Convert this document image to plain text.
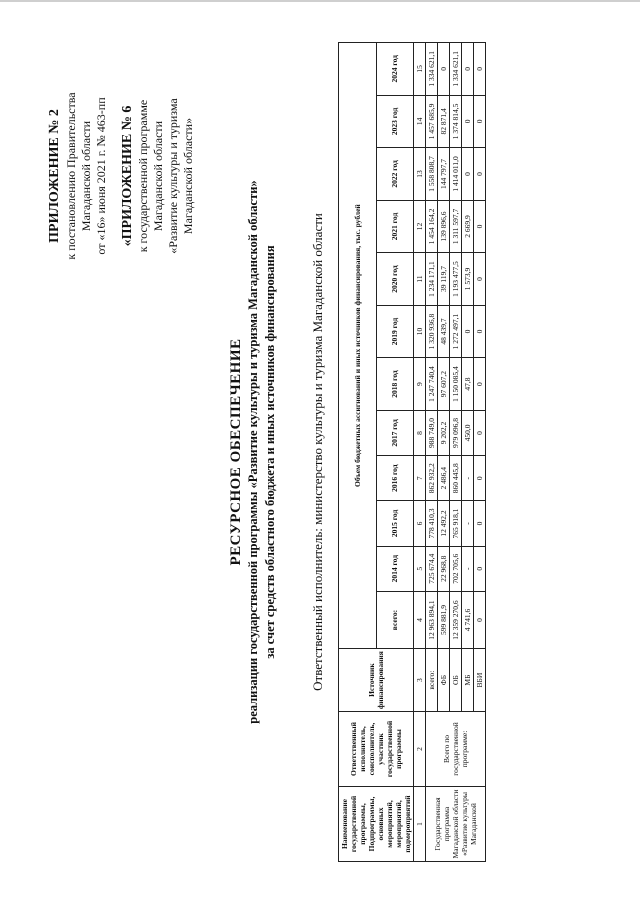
ПРИЛОЖЕНИЕ № 2 к постановлению Правительства Магаданской области от «16» июня 2021 г. № 463-пп «ПРИЛОЖЕНИЕ № 6 к государственной программе Магаданской области «Развитие культуры и туризма Магаданской области»
РЕСУРСНОЕ ОБЕСПЕЧЕНИЕ реализации государственной программы «Развитие культуры и туризма Магаданской области» за счет средств областного бюджета и иных источников финансирования	Ответственный исполнитель: министерство культуры и туризма Магаданской области
Наименование государственной программы, Подпрограммы, основных мероприятий, мероприятий, подмероприятий	Ответственный исполнитель, соисполнитель, участник государственной программы	Источник финансирования	Объем бюджетных ассигнований и иных источников финансирования, тыс. рублей											
			всего:	2014 год	2015 год	2016 год	2017 год	2018 год	2019 год	2020 год	2021 год	2022 год	2023 год	2024 год
1	2	3	4	5	6	7	8	9	10	11	12	13	14	15
Государственная программа Магаданской области «Развитие культуры Магаданской	Всего по государственной программе:	всего:	12 963 894,1	725 674,4	778 410,3	862 932,2	988 749,0	1 247 740,4	1 320 936,8	1 234 171,1	1 454 164,2	1 558 808,7	1 457 685,9	1 334 621,1
		ФБ	599 881,9	22 968,8	12 492,2	2 486,4	9 202,2	97 607,2	48 439,7	39 119,7	139 896,6	144 797,7	82 871,4	0
		ОБ	12 359 270,6	702 705,6	765 918,1	860 445,8	979 096,8	1 150 085,4	1 272 497,1	1 193 477,5	1 311 597,7	1 414 011,0	1 374 814,5	1 334 621,1
		МБ	4 741,6	-	-	-	450,0	47,8	0	1 573,9	2 669,9	0	0	0
		ВБИ	0	0	0	0	0	0	0	0	0	0	0	0
